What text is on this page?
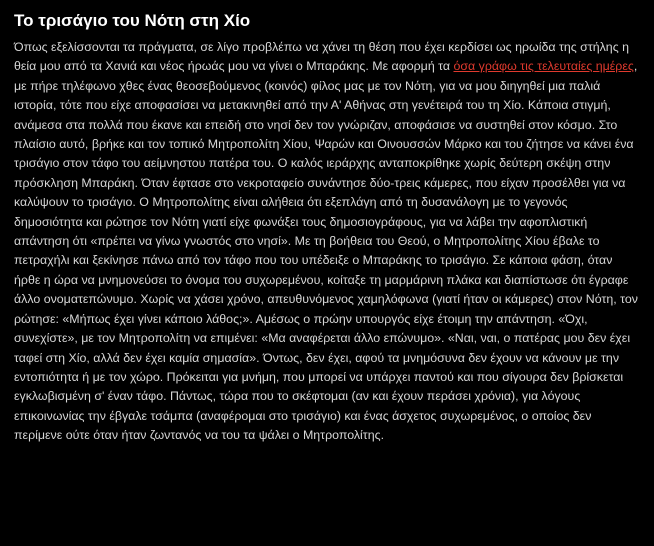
Το τρισάγιο του Νότη στη Χίο

Όπως εξελίσσονται τα πράγματα, σε λίγο προβλέπω να χάνει τη θέση που έχει κερδίσει ως ηρωίδα της στήλης η θεία μου από τα Χανιά και νέος ήρωάς μου να γίνει ο Μπαράκης. Με αφορμή τα όσα γράφω τις τελευταίες ημέρες, με πήρε τηλέφωνο χθες ένας θεοσεβούμενος (κοινός) φίλος μας με τον Νότη, για να μου διηγηθεί μια παλιά ιστορία, τότε που είχε αποφασίσει να μετακινηθεί από την Α' Αθήνας στη γενέτειρά του τη Χίο. Κάποια στιγμή, ανάμεσα στα πολλά που έκανε και επειδή στο νησί δεν τον γνώριζαν, αποφάσισε να συστηθεί στον κόσμο. Στο πλαίσιο αυτό, βρήκε και τον τοπικό Μητροπολίτη Χίου, Ψαρών και Οινουσσών Μάρκο και του ζήτησε να κάνει ένα τρισάγιο στον τάφο του αείμνηστου πατέρα του. Ο καλός ιεράρχης ανταποκρίθηκε χωρίς δεύτερη σκέψη στην πρόσκληση Μπαράκη. Όταν έφτασε στο νεκροταφείο συνάντησε δύο-τρεις κάμερες, που είχαν προσέλθει για να καλύψουν το τρισάγιο. Ο Μητροπολίτης είναι αλήθεια ότι εξεπλάγη από τη δυσανάλογη με το γεγονός δημοσιότητα και ρώτησε τον Νότη γιατί είχε φωνάξει τους δημοσιογράφους, για να λάβει την αφοπλιστική απάντηση ότι «πρέπει να γίνω γνωστός στο νησί». Με τη βοήθεια του Θεού, ο Μητροπολίτης Χίου έβαλε το πετραχήλι και ξεκίνησε πάνω από τον τάφο που του υπέδειξε ο Μπαράκης το τρισάγιο. Σε κάποια φάση, όταν ήρθε η ώρα να μνημονεύσει το όνομα του συχωρεμένου, κοίταξε τη μαρμάρινη πλάκα και διαπίστωσε ότι έγραφε άλλο ονοματεπώνυμο. Χωρίς να χάσει χρόνο, απευθυνόμενος χαμηλόφωνα (γιατί ήταν οι κάμερες) στον Νότη, τον ρώτησε: «Μήπως έχει γίνει κάποιο λάθος;». Αμέσως ο πρώην υπουργός είχε έτοιμη την απάντηση. «Όχι, συνεχίστε», με τον Μητροπολίτη να επιμένει: «Μα αναφέρεται άλλο επώνυμο». «Ναι, ναι, ο πατέρας μου δεν έχει ταφεί στη Χίο, αλλά δεν έχει καμία σημασία». Όντως, δεν έχει, αφού τα μνημόσυνα δεν έχουν να κάνουν με την εντοπιότητα ή με τον χώρο. Πρόκειται για μνήμη, που μπορεί να υπάρχει παντού και που σίγουρα δεν βρίσκεται εγκλωβισμένη σ' έναν τάφο. Πάντως, τώρα που το σκέφτομαι (αν και έχουν περάσει χρόνια), για λόγους επικοινωνίας την έβγαλε τσάμπα (αναφέρομαι στο τρισάγιο) και ένας άσχετος συχωρεμένος, ο οποίος δεν περίμενε ούτε όταν ήταν ζωντανός να του τα ψάλει ο Μητροπολίτης.
